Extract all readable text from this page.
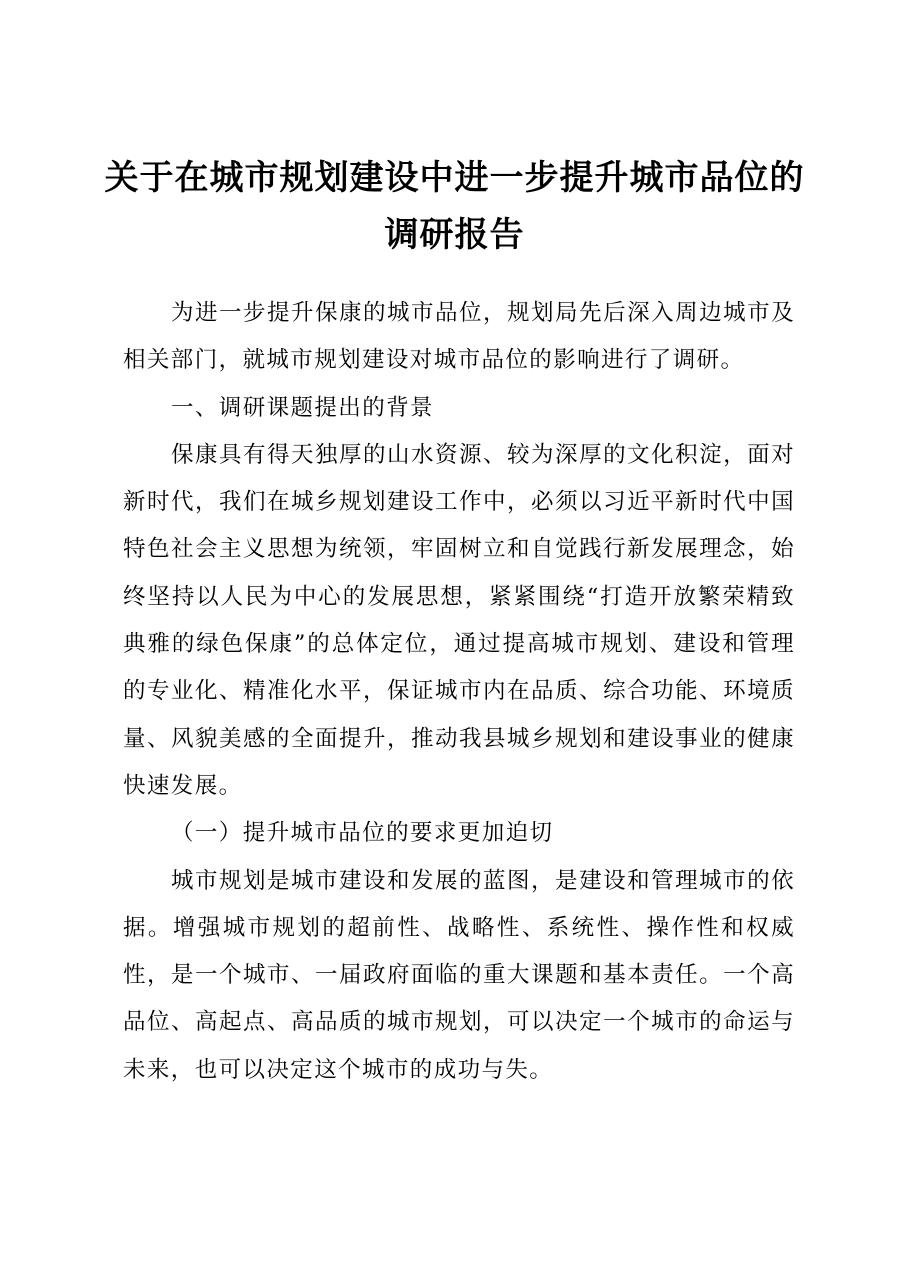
关于在城市规划建设中进一步提升城市品位的
调研报告

为进一步提升保康的城市品位，规划局先后深入周边城市及相关部门，就城市规划建设对城市品位的影响进行了调研。

一、调研课题提出的背景

保康具有得天独厚的山水资源、较为深厚的文化积淀，面对新时代，我们在城乡规划建设工作中，必须以习近平新时代中国特色社会主义思想为统领，牢固树立和自觉践行新发展理念，始终坚持以人民为中心的发展思想，紧紧围绕“打造开放繁荣精致典雅的绿色保康”的总体定位，通过提高城市规划、建设和管理的专业化、精准化水平，保证城市内在品质、综合功能、环境质量、风貌美感的全面提升，推动我县城乡规划和建设事业的健康快速发展。

（一）提升城市品位的要求更加迫切

城市规划是城市建设和发展的蓝图，是建设和管理城市的依据。增强城市规划的超前性、战略性、系统性、操作性和权威性，是一个城市、一届政府面临的重大课题和基本责任。一个高品位、高起点、高品质的城市规划，可以决定一个城市的命运与未来，也可以决定这个城市的成功与失。
